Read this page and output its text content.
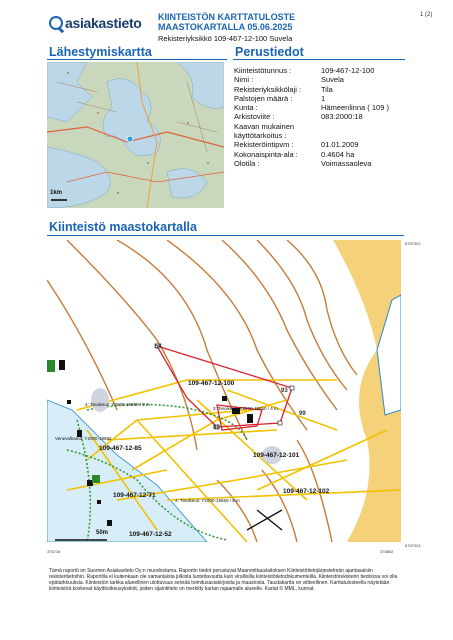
asiakastieto KIINTEISTÖN KARTTATULOSTE
MAASTOKARTALLA 05.06.2025
Rekisteriyksikkö 109-467-12-100 Suvela
1 (2)
Lähestymiskartta	Perustiedot
1km
Kiinteistötunnus :	109-467-12-100
Nimi :	Suvela
Rekisteriyksikkölaji :	Tila
Palstojen määrä :	1
Kunta :	Hämeenlinna ( 109 )
Arkistoviite :	083:2000:18
Kaavan mukainen
käyttötarkoitus :
Rekisteröintipvm :	01.01.2009
Kokonaispinta-ala :	0.4604 ha
Olotila :	Voimassaoleva
Kiinteistö maastokartalla
50m
54
93
99
88
109-467-12-100
109-467-12-101
109-467-12-102
109-467-12-85
109-467-12-71
109-467-12-52
4: Tieoikeus: Y2000-19650 / 8 m
3: Tieoikeus: Y2000-19650 / 4 m
Venevalkama: Y2000-19655
4: Tieoikeus: Y2000-19650 / 8 m
6797302
6797224
376716	376852
Tämä raportti on Suomen Asiakastieto Oy:n muodostama. Raportin tiedot perustuvat Maanmittauslaitoksen Kiinteistötietojärjestelmän ajantasaisiin rekisteritietoihin. Raportilla ei kuitenkaan ole samanlaista julkista luotettavuutta kuin virallisilla kiinteistötietodokumenteilla. Kiinteistörekisterin tiedoissa voi olla epätarkkuuksia. Kiinteistön tarkka alueellinen ulottuvuus selviää toimitusasiakirjoista ja maastosta. Taustakartta on viitteellinen. Karttatulosteella näytetään kiinteistöä koskevat käyttöoikeusyksiköt, joiden sijaintitieto on merkitty kartan rajaamalle alueelle. Kartat © MML, kunnat.
